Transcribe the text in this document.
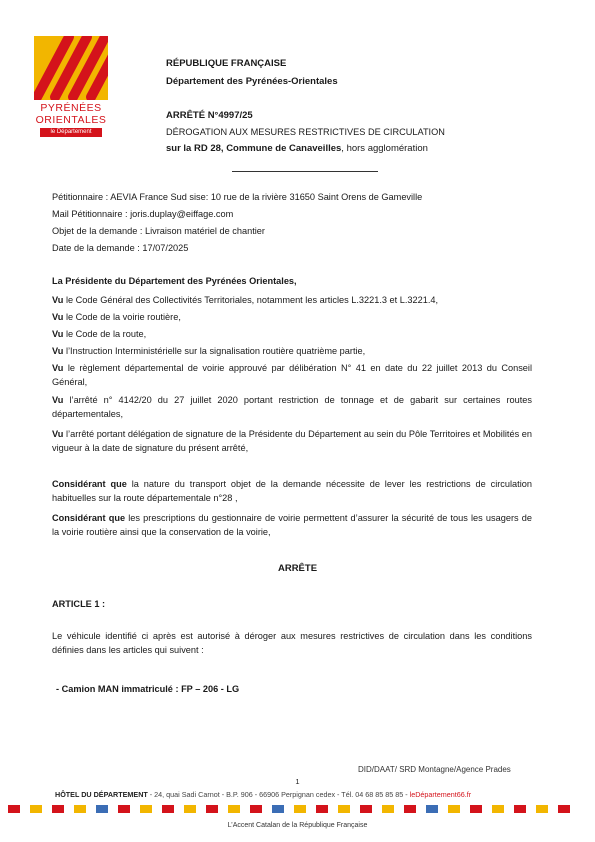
PYRÉNÉES
ORIENTALES
le Département
RÉPUBLIQUE FRANÇAISE
Département des Pyrénées-Orientales
ARRÊTÉ N°4997/25
DÉROGATION AUX MESURES RESTRICTIVES DE CIRCULATION
sur la RD 28, Commune de Canaveilles, hors agglomération
Pétitionnaire : AEVIA France Sud sise: 10 rue de la rivière 31650 Saint Orens de Gameville
Mail Pétitionnaire : joris.duplay@eiffage.com
Objet de la demande : Livraison matériel de chantier
Date de la demande : 17/07/2025
La Présidente du Département des Pyrénées Orientales,
Vu le Code Général des Collectivités Territoriales, notamment les articles L.3221.3 et L.3221.4,
Vu le Code de la voirie routière,
Vu le Code de la route,
Vu l’Instruction Interministérielle sur la signalisation routière quatrième partie,
Vu le règlement départemental de voirie approuvé par délibération N° 41 en date du 22 juillet 2013 du Conseil Général,
Vu l’arrêté n° 4142/20 du 27 juillet 2020 portant restriction de tonnage et de gabarit sur certaines routes départementales,
Vu l’arrêté portant délégation de signature de la Présidente du Département au sein du Pôle Territoires et Mobilités en vigueur à la date de signature du présent arrêté,
Considérant que la nature du transport objet de la demande nécessite de lever les restrictions de circulation habituelles sur la route départementale n°28 ,
Considérant que les prescriptions du gestionnaire de voirie permettent d’assurer la sécurité de tous les usagers de la voirie routière ainsi que la conservation de la voirie,
ARRÊTE
ARTICLE 1 :
Le véhicule identifié ci après est autorisé à déroger aux mesures restrictives de circulation dans les conditions définies dans les articles qui suivent :
- Camion MAN immatriculé : FP – 206 - LG
DID/DAAT/ SRD Montagne/Agence Prades
1
HÔTEL DU DÉPARTEMENT - 24, quai Sadi Carnot - B.P. 906 - 66906 Perpignan cedex - Tél. 04 68 85 85 85 - leDépartement66.fr
L’Accent Catalan de la République Française
